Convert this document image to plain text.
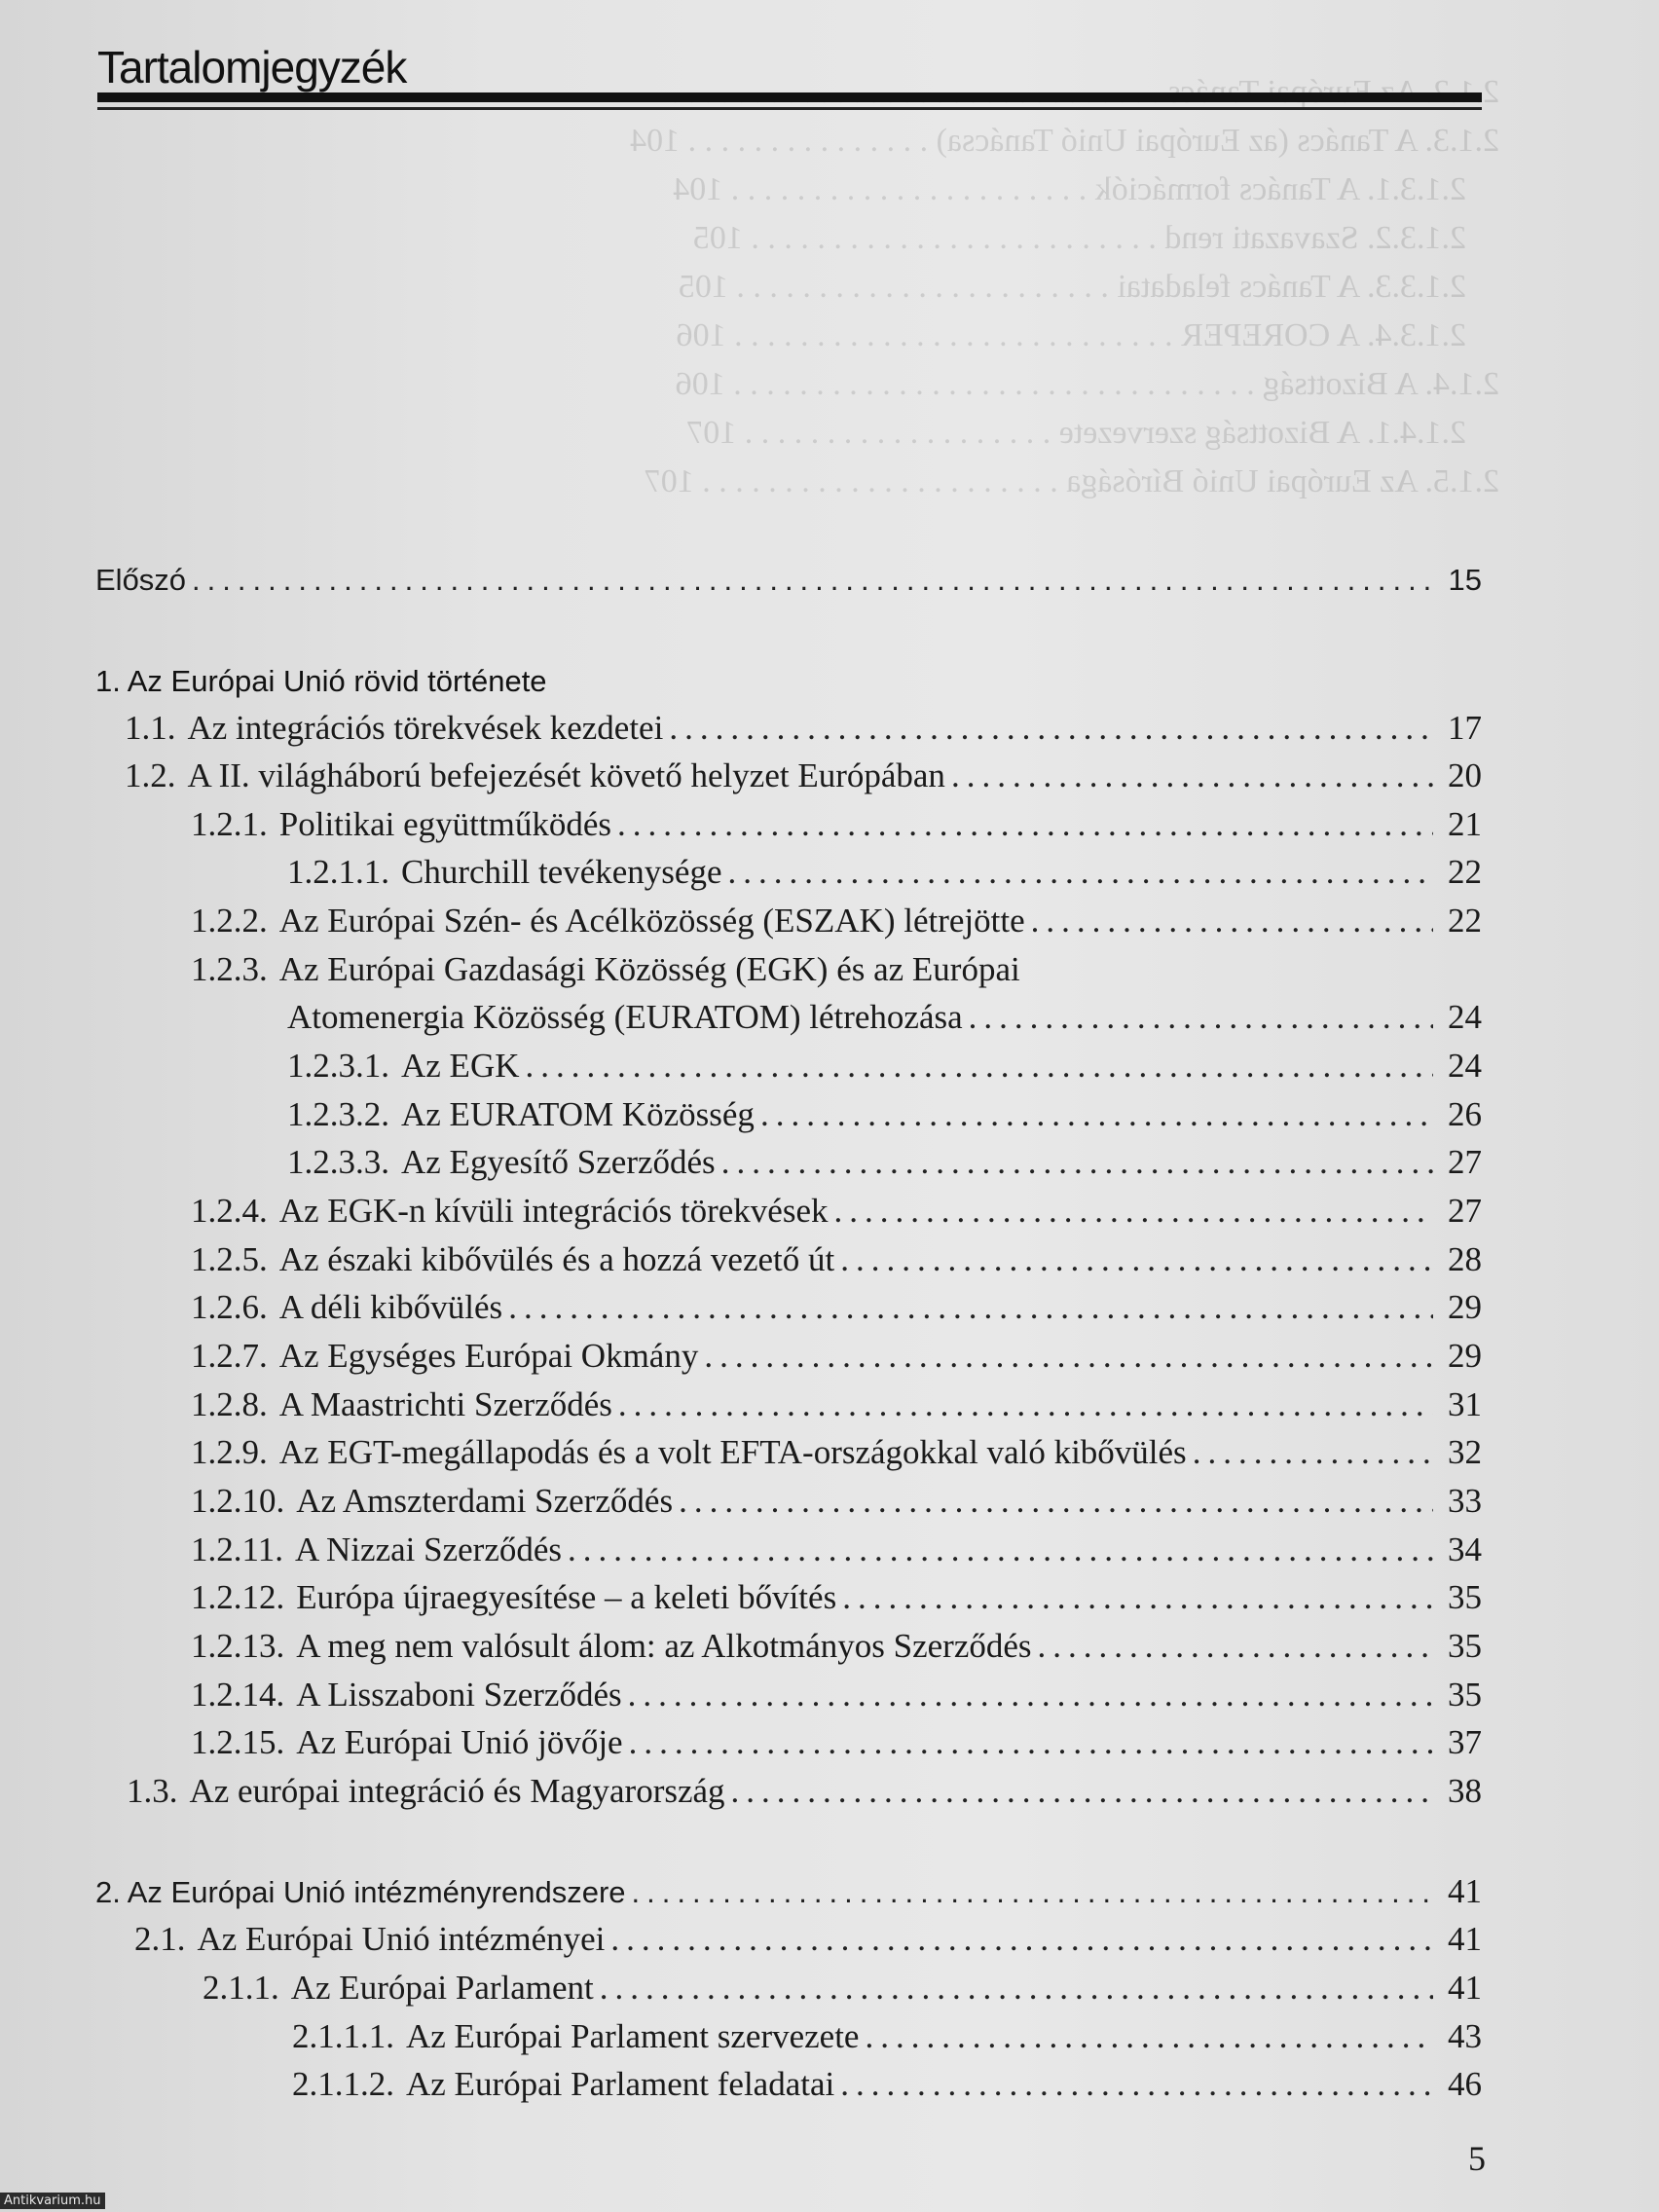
2.1.3. A Tanács (az Európai Unió Tanácsa) . . . . . . . . . . . . . . . 104
2.1.3.1. A Tanács formációk . . . . . . . . . . . . . . . . . . . . . . 104
2.1.3.2. Szavazati rend . . . . . . . . . . . . . . . . . . . . . . . . . 105
2.1.3.3. A Tanács feladatai . . . . . . . . . . . . . . . . . . . . . . . 105
2.1.3.4. A COREPER . . . . . . . . . . . . . . . . . . . . . . . . . . . 106
2.1.4. A Bizottság . . . . . . . . . . . . . . . . . . . . . . . . . . . . . . . . 106
2.1.4.1. A Bizottság szervezete . . . . . . . . . . . . . . . . . . . 107
2.1.5. Az Európai Unió Bírósága . . . . . . . . . . . . . . . . . . . . . . 107

Tartalomjegyzék
Előszó .....	15
1. Az Európai Unió rövid története
1.1. Az integrációs törekvések kezdetei .....	17
1.2. A II. világháború befejezését követő helyzet Európában .....	20
1.2.1. Politikai együttműködés .....	21
1.2.1.1. Churchill tevékenysége .....	22
1.2.2. Az Európai Szén- és Acélközösség (ESZAK) létrejötte .....	22
1.2.3. Az Európai Gazdasági Közösség (EGK) és az Európai
Atomenergia Közösség (EURATOM) létrehozása .....	24
1.2.3.1. Az EGK .....	24
1.2.3.2. Az EURATOM Közösség .....	26
1.2.3.3. Az Egyesítő Szerződés .....	27
1.2.4. Az EGK-n kívüli integrációs törekvések .....	27
1.2.5. Az északi kibővülés és a hozzá vezető út .....	28
1.2.6. A déli kibővülés .....	29
1.2.7. Az Egységes Európai Okmány .....	29
1.2.8. A Maastrichti Szerződés .....	31
1.2.9. Az EGT-megállapodás és a volt EFTA-országokkal való kibővülés .....	32
1.2.10. Az Amszterdami Szerződés .....	33
1.2.11. A Nizzai Szerződés .....	34
1.2.12. Európa újraegyesítése – a keleti bővítés .....	35
1.2.13. A meg nem valósult álom: az Alkotmányos Szerződés .....	35
1.2.14. A Lisszaboni Szerződés .....	35
1.2.15. Az Európai Unió jövője .....	37
1.3. Az európai integráció és Magyarország .....	38
2. Az Európai Unió intézményrendszere .....	41
2.1. Az Európai Unió intézményei .....	41
2.1.1. Az Európai Parlament .....	41
2.1.1.1. Az Európai Parlament szervezete .....	43
2.1.1.2. Az Európai Parlament feladatai .....	46
5
Antikvarium.hu
